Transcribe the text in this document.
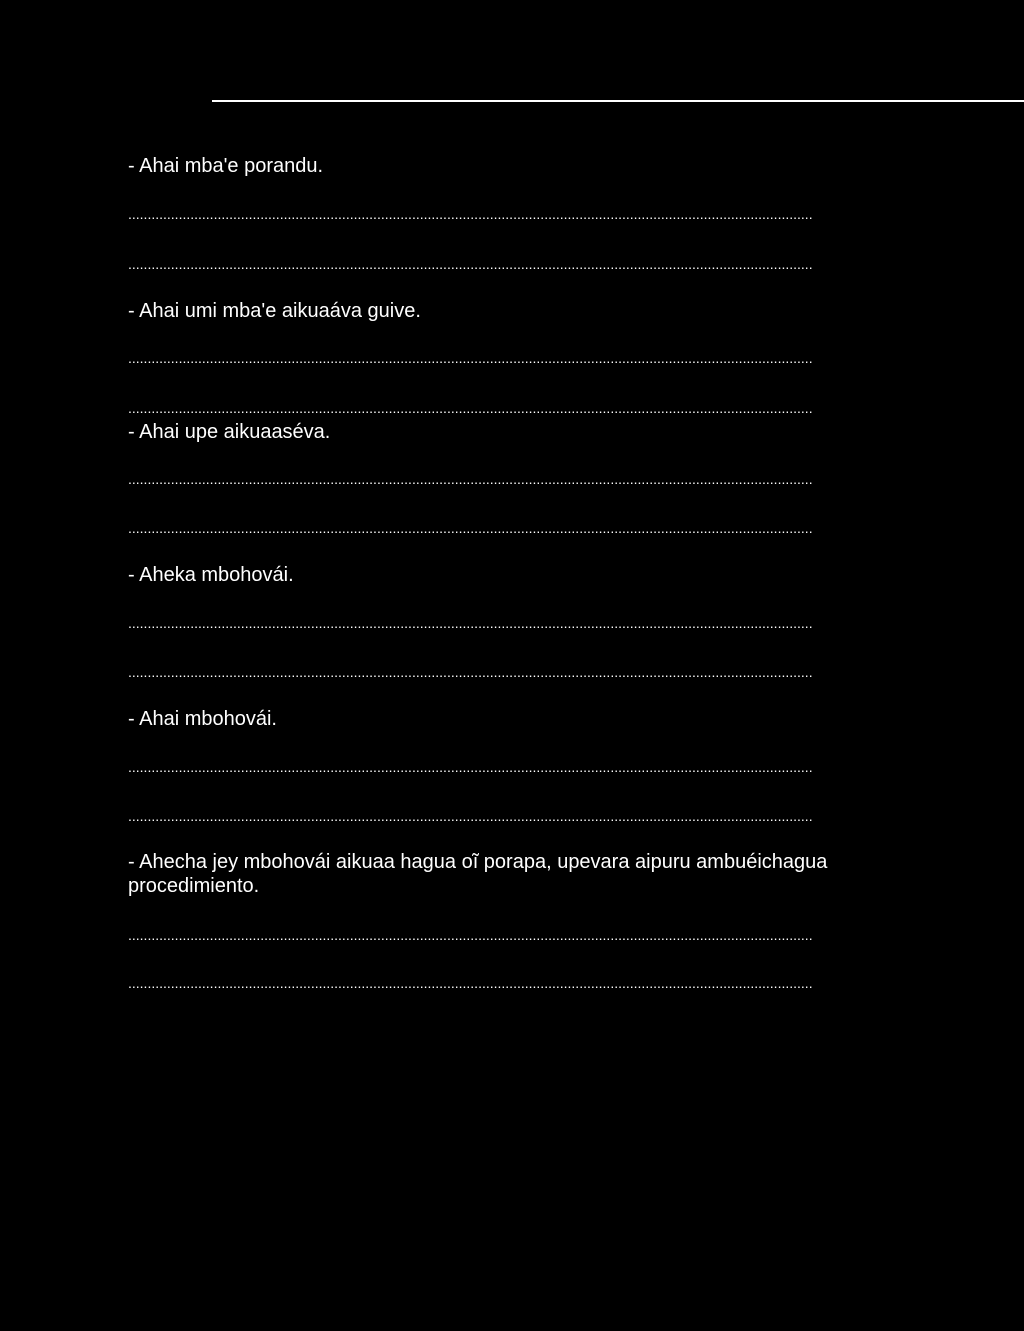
- Ahai mba'e porandu.
................................................................................................................................................................................
................................................................................................................................................................................
- Ahai umi mba'e aikuaáva guive.
................................................................................................................................................................................
................................................................................................................................................................................
- Ahai upe aikuaaséva.
................................................................................................................................................................................
................................................................................................................................................................................
- Aheka mbohovái.
................................................................................................................................................................................
................................................................................................................................................................................
- Ahai mbohovái.
................................................................................................................................................................................
................................................................................................................................................................................
- Ahecha jey mbohovái aikuaa hagua oĩ porapa, upevara aipuru ambuéichagua procedimiento.
................................................................................................................................................................................
................................................................................................................................................................................
